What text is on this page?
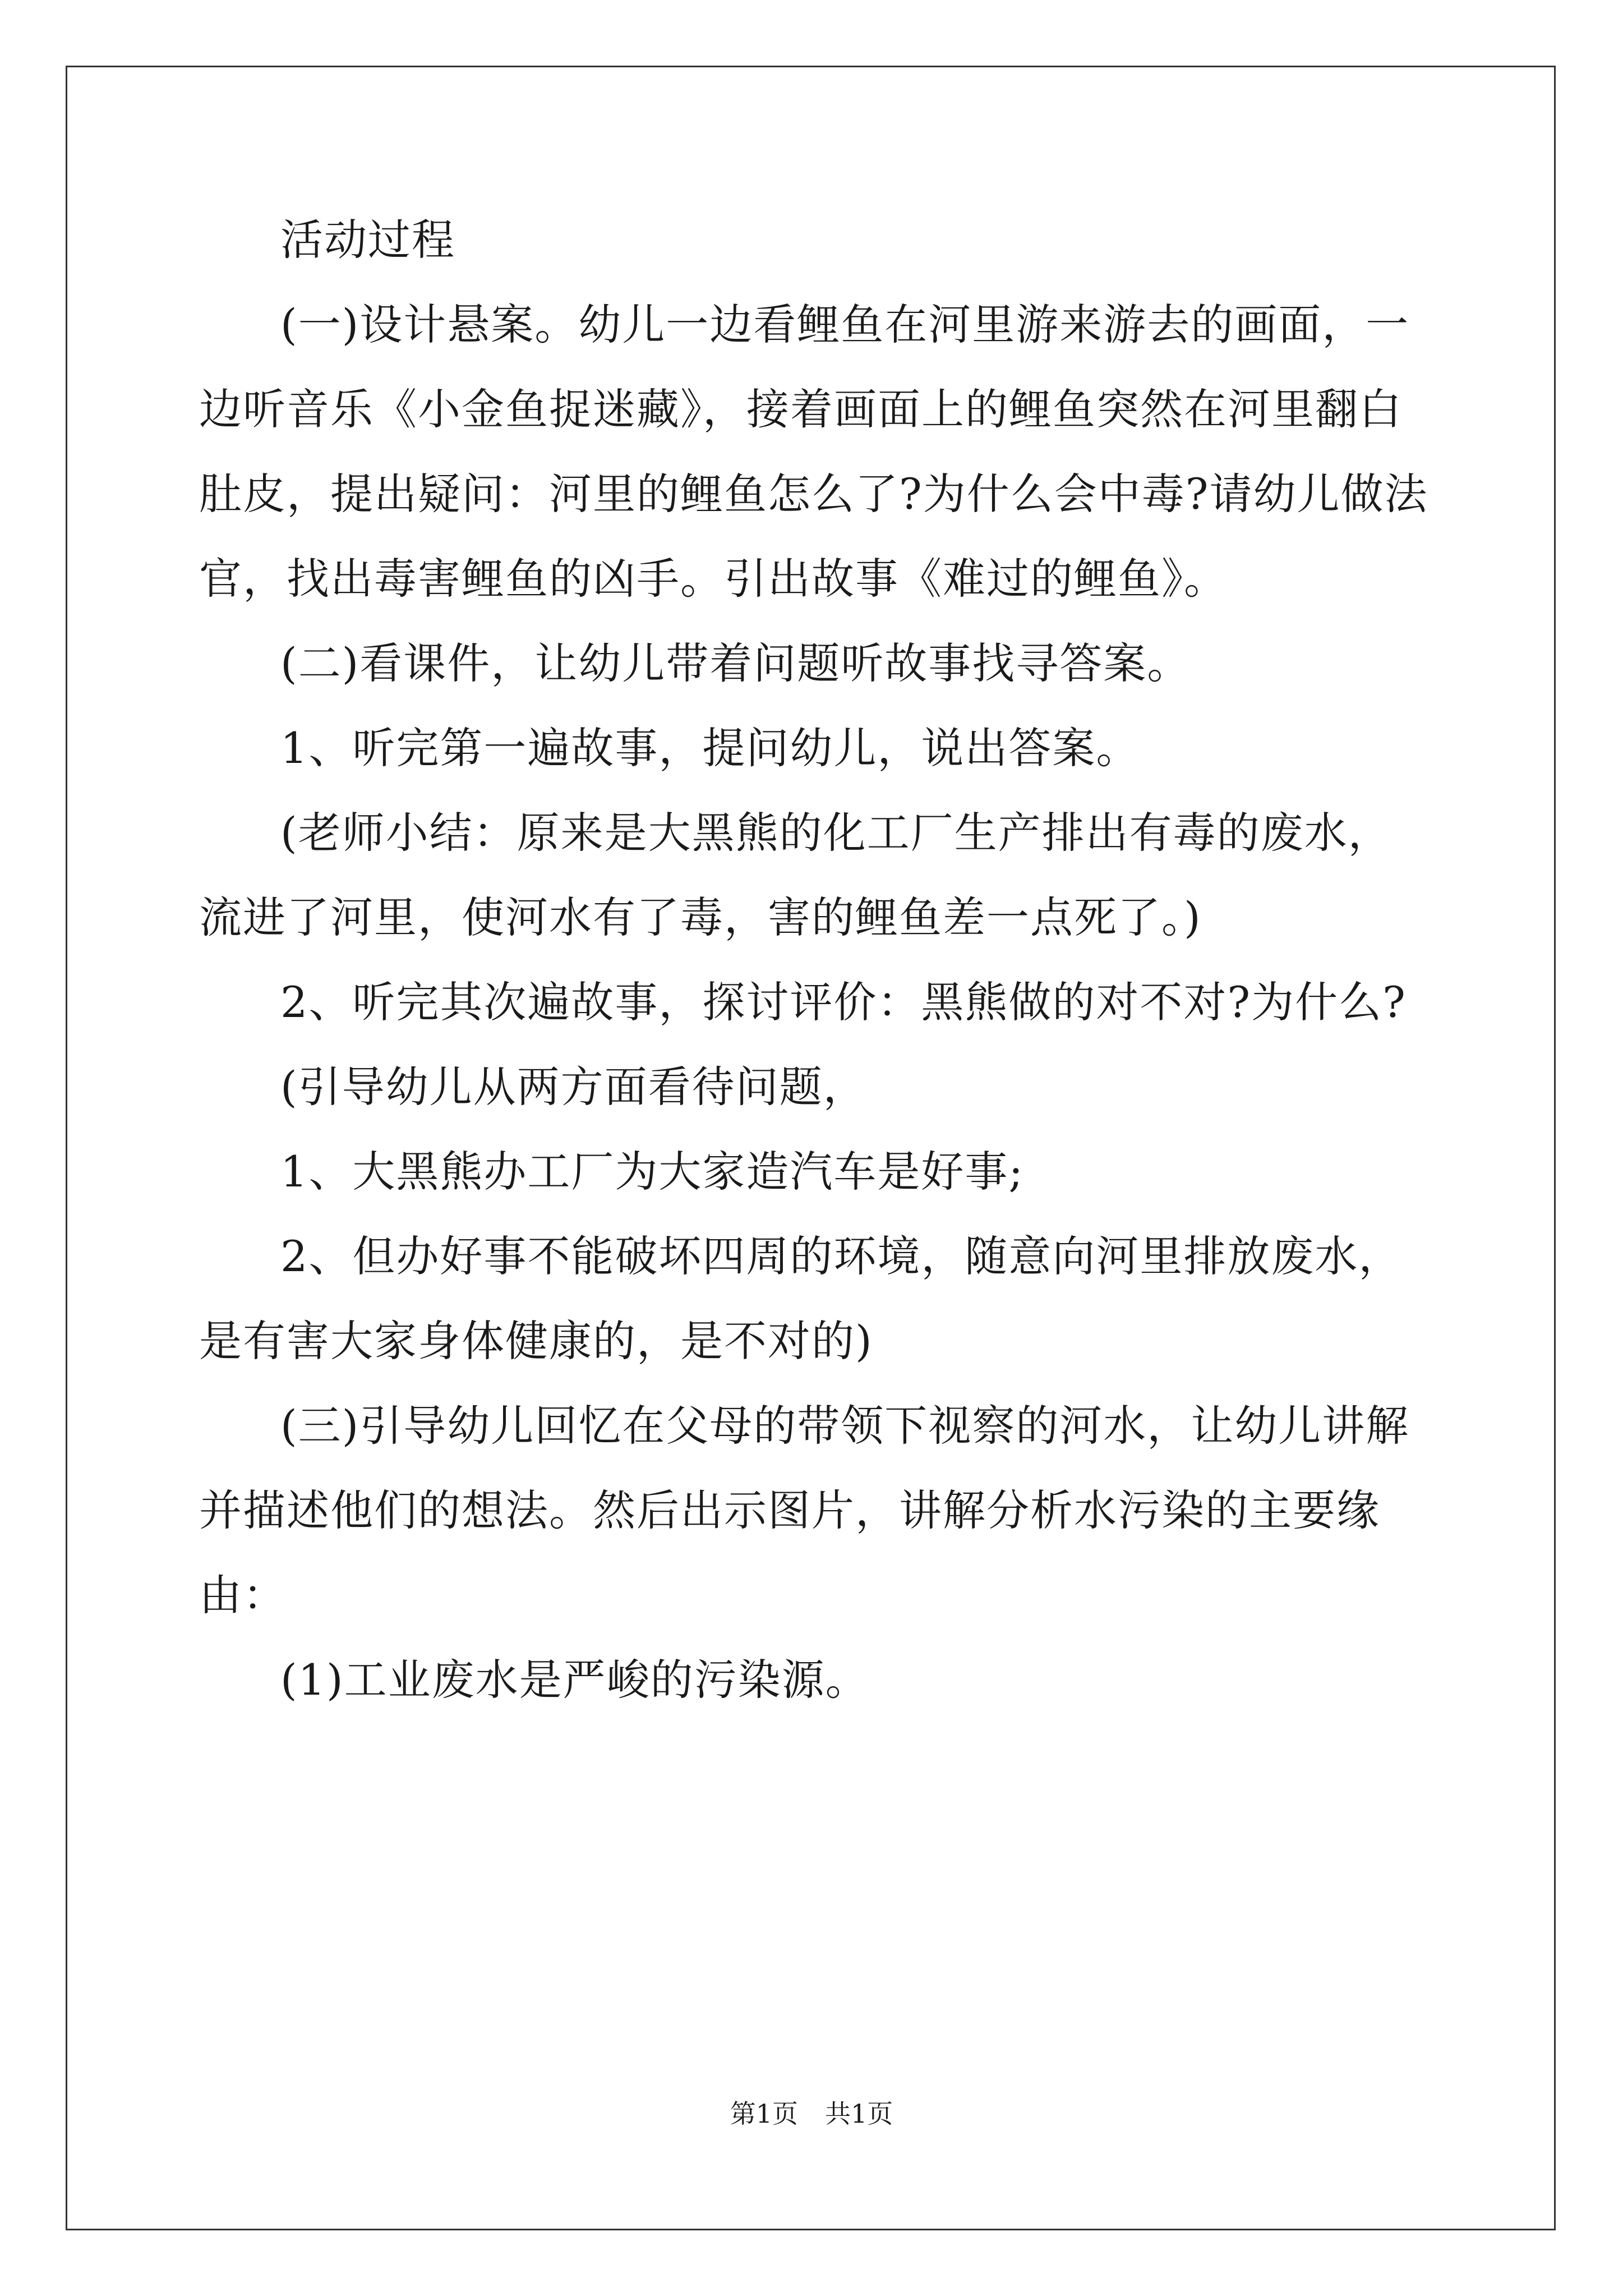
活动过程

(一)设计悬案。幼儿一边看鲤鱼在河里游来游去的画面，一边听音乐《小金鱼捉迷藏》，接着画面上的鲤鱼突然在河里翻白肚皮，提出疑问：河里的鲤鱼怎么了?为什么会中毒?请幼儿做法官，找出毒害鲤鱼的凶手。引出故事《难过的鲤鱼》。

(二)看课件，让幼儿带着问题听故事找寻答案。

1、听完第一遍故事，提问幼儿，说出答案。

(老师小结：原来是大黑熊的化工厂生产排出有毒的废水，流进了河里，使河水有了毒，害的鲤鱼差一点死了。)

2、听完其次遍故事，探讨评价：黑熊做的对不对?为什么?

(引导幼儿从两方面看待问题，

1、大黑熊办工厂为大家造汽车是好事;

2、但办好事不能破坏四周的环境，随意向河里排放废水，是有害大家身体健康的，是不对的)

(三)引导幼儿回忆在父母的带领下视察的河水，让幼儿讲解并描述他们的想法。然后出示图片，讲解分析水污染的主要缘由：

(1)工业废水是严峻的污染源。

第1页 共1页
